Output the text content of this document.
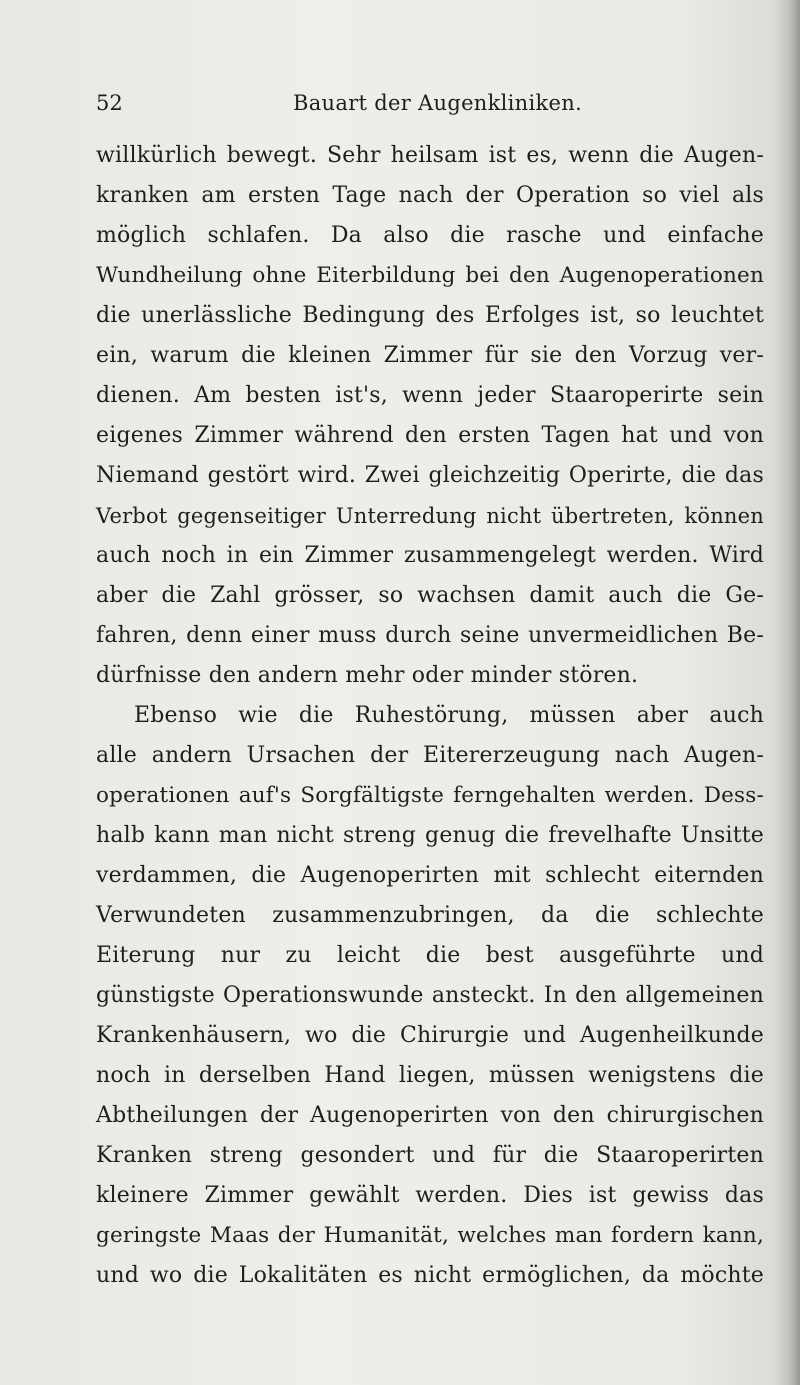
52	Bauart der Augenkliniken.
willkürlich bewegt. Sehr heilsam ist es, wenn die Augen-
kranken am ersten Tage nach der Operation so viel als
möglich schlafen. Da also die rasche und einfache
Wundheilung ohne Eiterbildung bei den Augenoperationen
die unerlässliche Bedingung des Erfolges ist, so leuchtet
ein, warum die kleinen Zimmer für sie den Vorzug ver-
dienen. Am besten ist's, wenn jeder Staaroperirte sein
eigenes Zimmer während den ersten Tagen hat und von
Niemand gestört wird. Zwei gleichzeitig Operirte, die das
Verbot gegenseitiger Unterredung nicht übertreten, können
auch noch in ein Zimmer zusammengelegt werden. Wird
aber die Zahl grösser, so wachsen damit auch die Ge-
fahren, denn einer muss durch seine unvermeidlichen Be-
dürfnisse den andern mehr oder minder stören.
Ebenso wie die Ruhestörung, müssen aber auch
alle andern Ursachen der Eitererzeugung nach Augen-
operationen auf's Sorgfältigste ferngehalten werden. Dess-
halb kann man nicht streng genug die frevelhafte Unsitte
verdammen, die Augenoperirten mit schlecht eiternden
Verwundeten zusammenzubringen, da die schlechte
Eiterung nur zu leicht die best ausgeführte und
günstigste Operationswunde ansteckt. In den allgemeinen
Krankenhäusern, wo die Chirurgie und Augenheilkunde
noch in derselben Hand liegen, müssen wenigstens die
Abtheilungen der Augenoperirten von den chirurgischen
Kranken streng gesondert und für die Staaroperirten
kleinere Zimmer gewählt werden. Dies ist gewiss das
geringste Maas der Humanität, welches man fordern kann,
und wo die Lokalitäten es nicht ermöglichen, da möchte
